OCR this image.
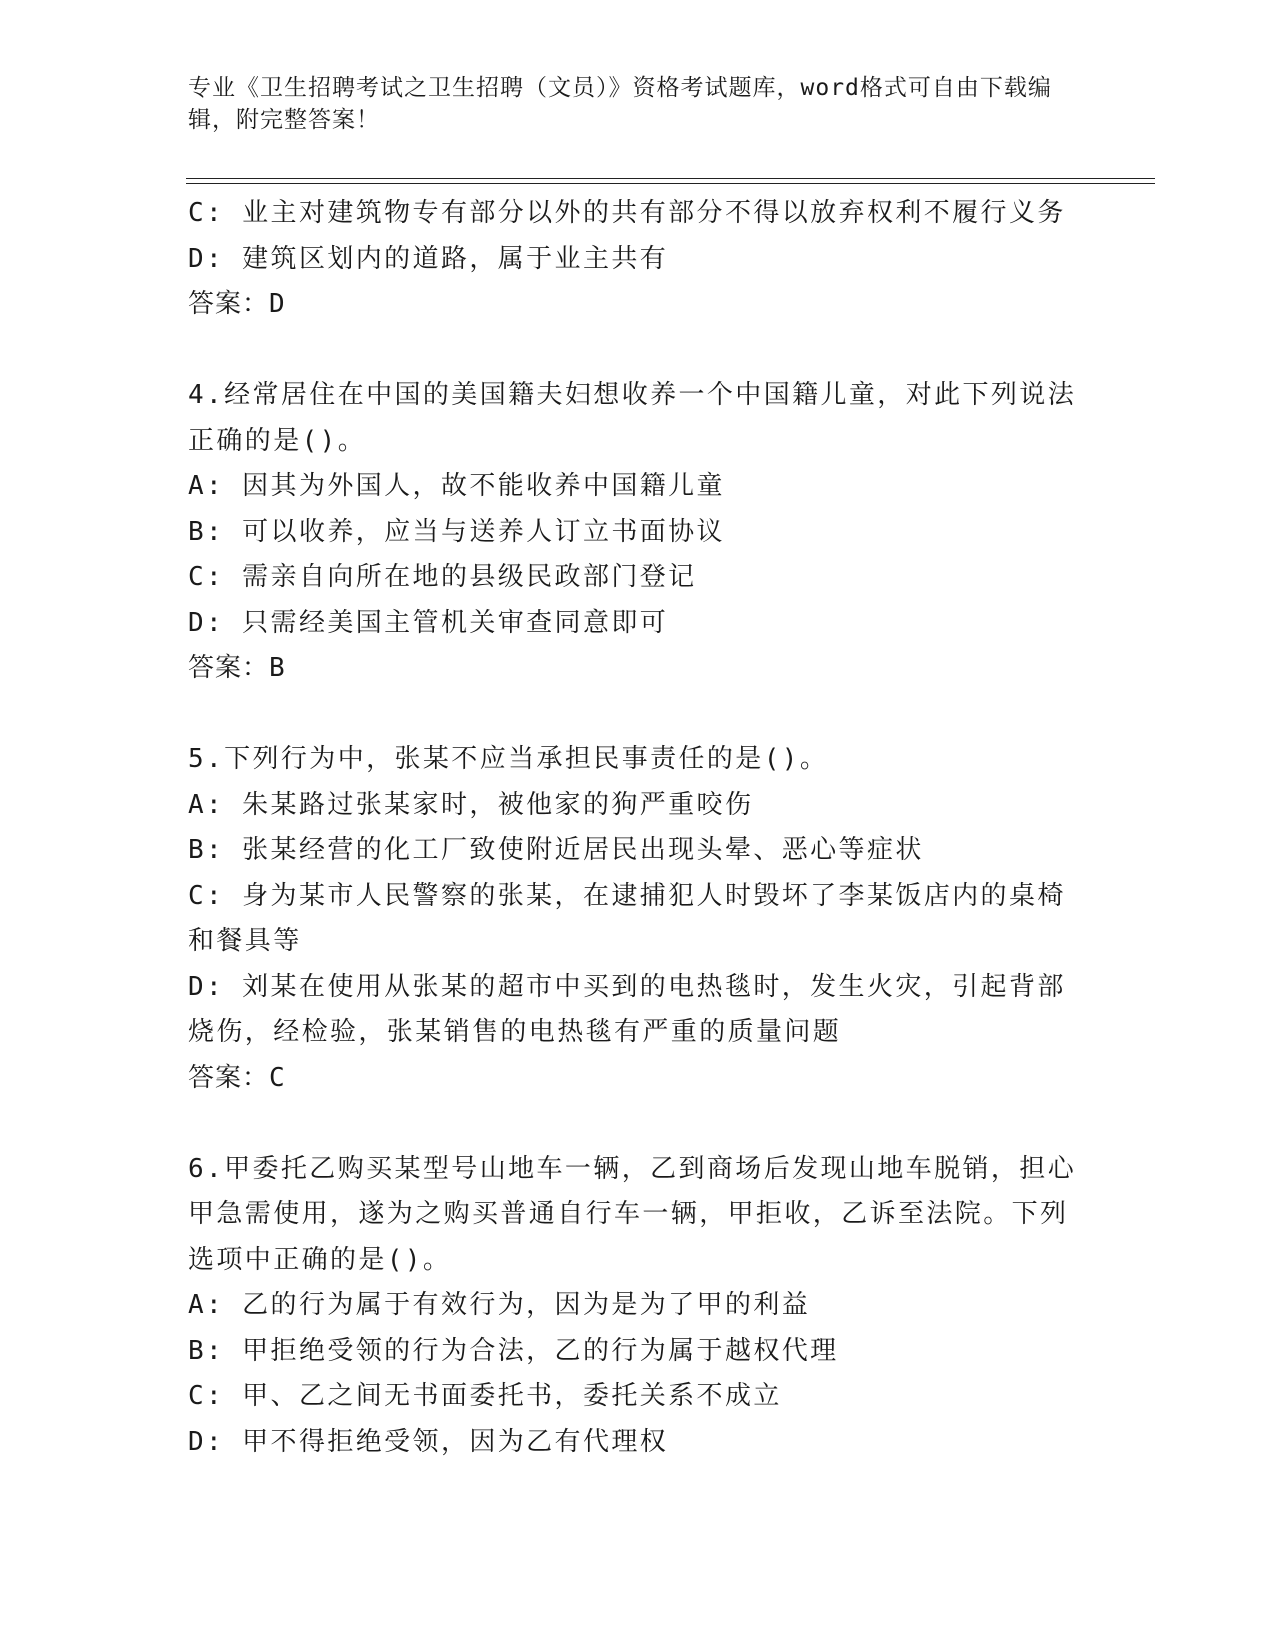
专业《卫生招聘考试之卫生招聘（文员）》资格考试题库，word格式可自由下载编辑，附完整答案！
C: 业主对建筑物专有部分以外的共有部分不得以放弃权利不履行义务
D: 建筑区划内的道路，属于业主共有
答案：D
4.经常居住在中国的美国籍夫妇想收养一个中国籍儿童，对此下列说法正确的是()。
A: 因其为外国人，故不能收养中国籍儿童
B: 可以收养，应当与送养人订立书面协议
C: 需亲自向所在地的县级民政部门登记
D: 只需经美国主管机关审查同意即可
答案：B
5.下列行为中，张某不应当承担民事责任的是()。
A: 朱某路过张某家时，被他家的狗严重咬伤
B: 张某经营的化工厂致使附近居民出现头晕、恶心等症状
C: 身为某市人民警察的张某，在逮捕犯人时毁坏了李某饭店内的桌椅和餐具等
D: 刘某在使用从张某的超市中买到的电热毯时，发生火灾，引起背部烧伤，经检验，张某销售的电热毯有严重的质量问题
答案：C
6.甲委托乙购买某型号山地车一辆，乙到商场后发现山地车脱销，担心甲急需使用，遂为之购买普通自行车一辆，甲拒收，乙诉至法院。下列选项中正确的是()。
A: 乙的行为属于有效行为，因为是为了甲的利益
B: 甲拒绝受领的行为合法，乙的行为属于越权代理
C: 甲、乙之间无书面委托书，委托关系不成立
D: 甲不得拒绝受领，因为乙有代理权
